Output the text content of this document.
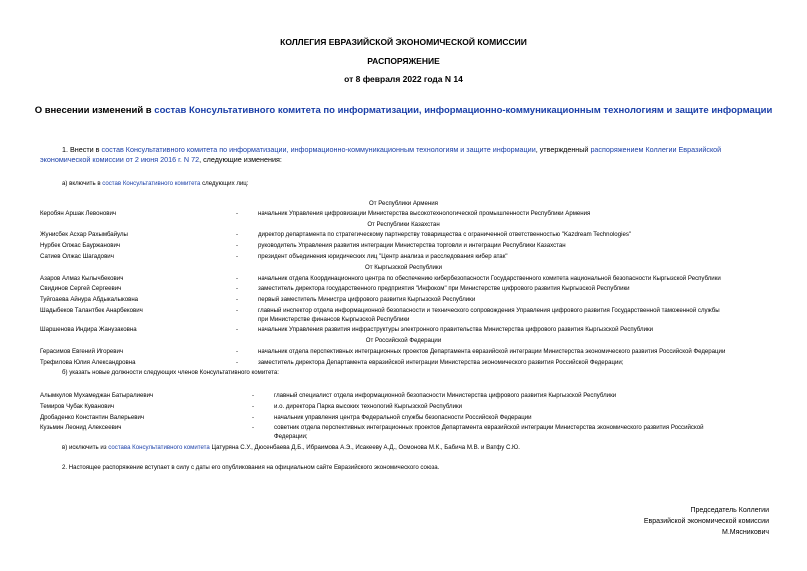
КОЛЛЕГИЯ ЕВРАЗИЙСКОЙ ЭКОНОМИЧЕСКОЙ КОМИССИИ
РАСПОРЯЖЕНИЕ
от 8 февраля 2022 года N 14
О внесении изменений в состав Консультативного комитета по информатизации, информационно-коммуникационным технологиям и защите информации
1. Внести в состав Консультативного комитета по информатизации, информационно-коммуникационным технологиям и защите информации, утвержденный распоряжением Коллегии Евразийской экономической комиссии от 2 июня 2016 г. N 72, следующие изменения:
а) включить в состав Консультативного комитета следующих лиц:
От Республики Армения
Керобян Аршак Левонович	-	начальник Управления цифровизации Министерства высокотехнологической промышленности Республики Армения
От Республики Казахстан
Жунисбек Асхар Рахымбайулы	-	директор департамента по стратегическому партнерству товарищества с ограниченной ответственностью "Kazdream Technologies"
Нурбек Олжас Бауржанович	-	руководитель Управления развития интеграции Министерства торговли и интеграции Республики Казахстан
Сатиев Олжас Шагадович	-	президент объединения юридических лиц "Центр анализа и расследования кибер атак"
От Кыргызской Республики
Азаров Алмаз Кылычбекович	-	начальник отдела Координационного центра по обеспечению кибербезопасности Государственного комитета национальной безопасности Кыргызской Республики
Свидинов Сергей Сергеевич	-	заместитель директора государственного предприятия "Инфоком" при Министерстве цифрового развития Кыргызской Республики
Туйгоаева Айнура Абдыкалыковна	-	первый заместитель Министра цифрового развития Кыргызской Республики
Шадыбеков Талантбек Анарбекович	-	главный инспектор отдела информационной безопасности и технического сопровождения Управления цифрового развития Государственной таможенной службы
при Министерстве финансов Кыргызской Республики
Шаршенова Индира Жанузаковна	-	начальник Управления развития инфраструктуры электронного правительства Министерства цифрового развития Кыргызской Республики
От Российской Федерации
Герасимов Евгений Игоревич	-	начальник отдела перспективных интеграционных проектов Департамента евразийской интеграции Министерства экономического развития Российской Федерации
Трефилова Юлия Александровна	-	заместитель директора Департамента евразийской интеграции Министерства экономического развития Российской Федерации;
б) указать новые должности следующих членов Консультативного комитета:
Алымкулов Мухамеджан Батырaлиевич	-	главный специалист отдела информационной безопасности Министерства цифрового развития Кыргызской Республики
Темиров Чубак Куванович	-	и.о. директора Парка высоких технологий Кыргызской Республики
Дробаденко Константин Валерьевич	-	начальник управления центра Федеральной службы безопасности Российской Федерации
Кузьмин Леонид Алексеевич	-	советник отдела перспективных интеграционных проектов Департамента евразийской интеграции Министерства экономического развития Российской
Федерации;
в) исключить из состава Консультативного комитета Цатуряна С.У., Дюсенбаева Д.Б., Ибраимова А.Э., Исакееву А.Д., Осмонова М.К., Бабича М.В. и Ватфу С.Ю.
2. Настоящее распоряжение вступает в силу с даты его опубликования на официальном сайте Евразийского экономического союза.
Председатель Коллегии
Евразийской экономической комиссии
М.Мясникович
